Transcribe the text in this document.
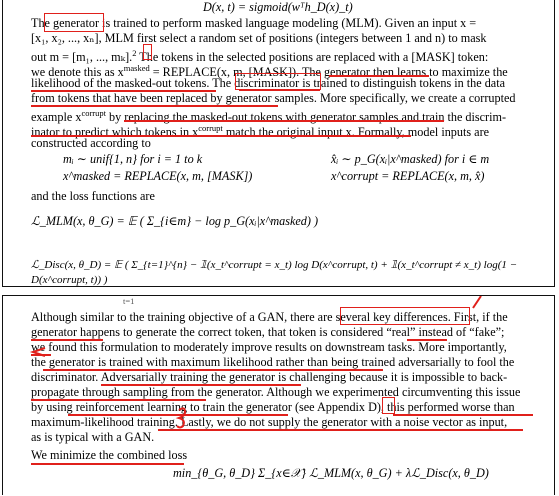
D(x, t) = sigmoid(wᵀh_D(x)_t)
The generator is trained to perform masked language modeling (MLM). Given an input x =
[x₁, x₂, ..., xₙ], MLM first select a random set of positions (integers between 1 and n) to mask
out m = [m₁, ..., mₖ].$^2$ The tokens in the selected positions are replaced with a [MASK] token:
we denote this as $x^{masked}$ = REPLACE(x, m, [MASK]). The generator then learns to maximize the
likelihood of the masked-out tokens. The discriminator is trained to distinguish tokens in the data
from tokens that have been replaced by generator samples. More specifically, we create a corrupted
example $x^{corrupt}$ by replacing the masked-out tokens with generator samples and train the discrim-
inator to predict which tokens in $x^{corrupt}$ match the original input x. Formally, model inputs are
constructed according to
mᵢ ∼ unif{1, n} for i = 1 to k	x̂ᵢ ∼ p_G(xᵢ|x^masked) for i ∈ m
x^masked = REPLACE(x, m, [MASK])	x^corrupt = REPLACE(x, m, x̂)
and the loss functions are
ℒ_MLM(x, θ_G) = 𝔼 ( Σ_{i∈m} − log p_G(xᵢ|x^masked) )
ℒ_Disc(x, θ_D) = 𝔼 ( Σ_{t=1}^{n} − 𝟙(x_t^corrupt = x_t) log D(x^corrupt, t) + 𝟙(x_t^corrupt ≠ x_t) log(1 − D(x^corrupt, t)) )
t=1
Although similar to the training objective of a GAN, there are several key differences. First, if the
generator happens to generate the correct token, that token is considered “real” instead of “fake”;
we found this formulation to moderately improve results on downstream tasks. More importantly,
the generator is trained with maximum likelihood rather than being trained adversarially to fool the
discriminator. Adversarially training the generator is challenging because it is impossible to back-
propagate through sampling from the generator. Although we experimented circumventing this issue
by using reinforcement learning to train the generator (see Appendix D), this performed worse than
maximum-likelihood training. Lastly, we do not supply the generator with a noise vector as input,
as is typical with a GAN.
We minimize the combined loss
min_{θ_G, θ_D} Σ_{x∈𝒳} ℒ_MLM(x, θ_G) + λℒ_Disc(x, θ_D)
